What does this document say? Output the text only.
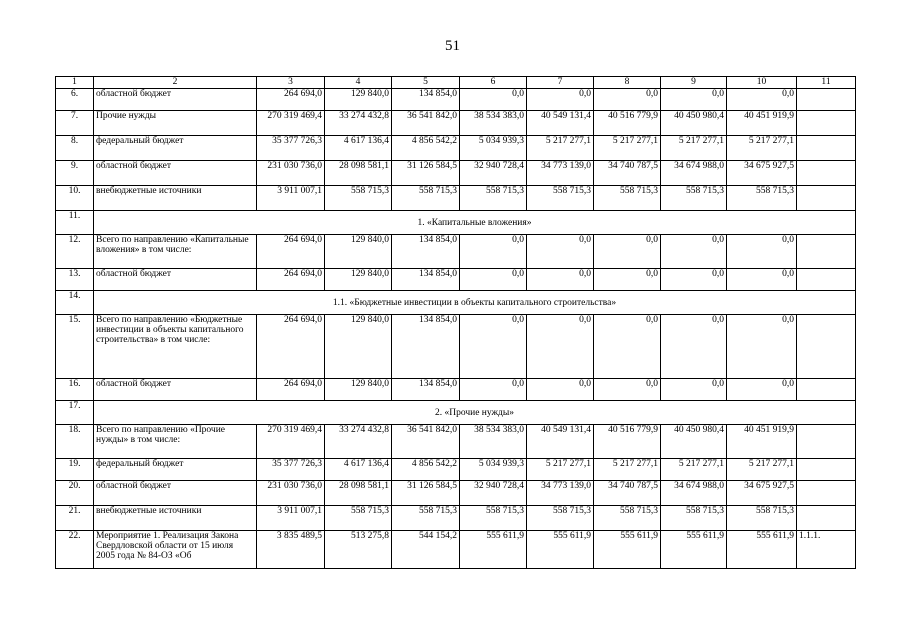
51
1	2	3	4	5	6	7	8	9	10	11
6.	областной бюджет	264 694,0	129 840,0	134 854,0	0,0	0,0	0,0	0,0	0,0	
7.	Прочие нужды	270 319 469,4	33 274 432,8	36 541 842,0	38 534 383,0	40 549 131,4	40 516 779,9	40 450 980,4	40 451 919,9	
8.	федеральный бюджет	35 377 726,3	4 617 136,4	4 856 542,2	5 034 939,3	5 217 277,1	5 217 277,1	5 217 277,1	5 217 277,1	
9.	областной бюджет	231 030 736,0	28 098 581,1	31 126 584,5	32 940 728,4	34 773 139,0	34 740 787,5	34 674 988,0	34 675 927,5	
10.	внебюджетные источники	3 911 007,1	558 715,3	558 715,3	558 715,3	558 715,3	558 715,3	558 715,3	558 715,3	
11.	1. «Капитальные вложения»									
12.	Всего по направлению «Капитальные вложения» в том числе:	264 694,0	129 840,0	134 854,0	0,0	0,0	0,0	0,0	0,0	
13.	областной бюджет	264 694,0	129 840,0	134 854,0	0,0	0,0	0,0	0,0	0,0	
14.	1.1. «Бюджетные инвестиции в объекты капитального строительства»									
15.	Всего по направлению «Бюджетные инвестиции в объекты капитального строительства» в том числе:	264 694,0	129 840,0	134 854,0	0,0	0,0	0,0	0,0	0,0	
16.	областной бюджет	264 694,0	129 840,0	134 854,0	0,0	0,0	0,0	0,0	0,0	
17.	2. «Прочие нужды»									
18.	Всего по направлению «Прочие нужды» в том числе:	270 319 469,4	33 274 432,8	36 541 842,0	38 534 383,0	40 549 131,4	40 516 779,9	40 450 980,4	40 451 919,9	
19.	федеральный бюджет	35 377 726,3	4 617 136,4	4 856 542,2	5 034 939,3	5 217 277,1	5 217 277,1	5 217 277,1	5 217 277,1	
20.	областной бюджет	231 030 736,0	28 098 581,1	31 126 584,5	32 940 728,4	34 773 139,0	34 740 787,5	34 674 988,0	34 675 927,5	
21.	внебюджетные источники	3 911 007,1	558 715,3	558 715,3	558 715,3	558 715,3	558 715,3	558 715,3	558 715,3	
22.	Мероприятие 1. Реализация Закона Свердловской области от 15 июля 2005 года № 84-ОЗ «Об	3 835 489,5	513 275,8	544 154,2	555 611,9	555 611,9	555 611,9	555 611,9	555 611,9	1.1.1.
